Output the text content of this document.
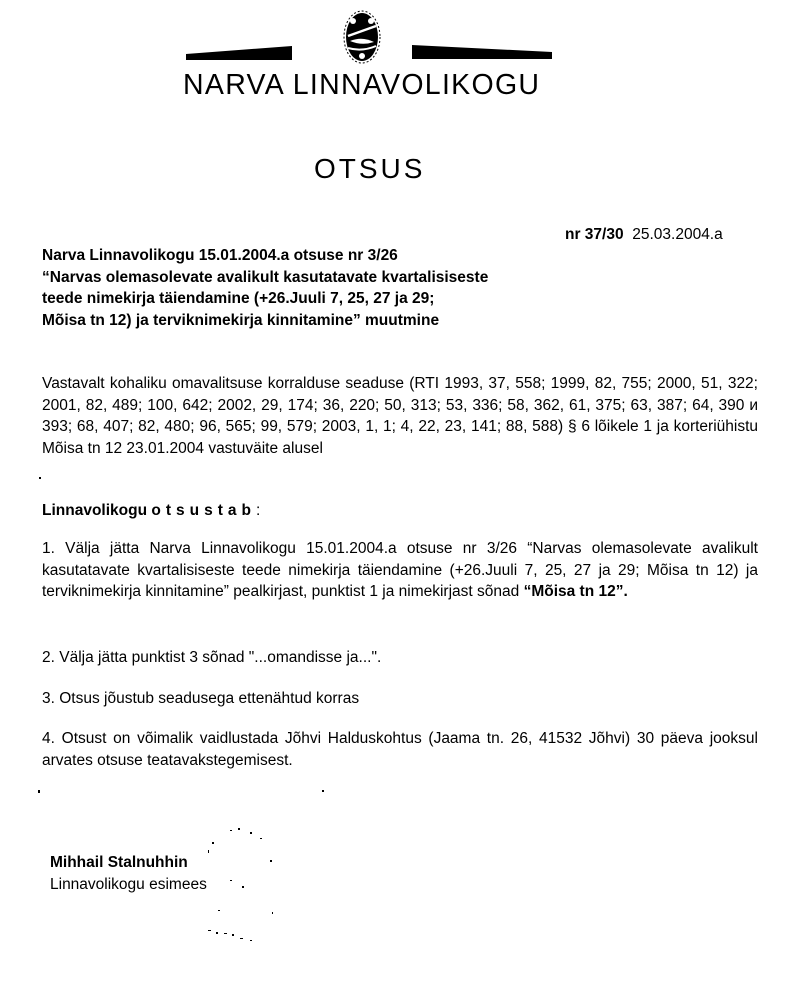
NARVA LINNAVOLIKOGU
OTSUS
nr 37/30 25.03.2004.a
Narva Linnavolikogu 15.01.2004.a otsuse nr 3/26
“Narvas olemasolevate avalikult kasutatavate kvartalisiseste
teede nimekirja täiendamine (+26.Juuli 7, 25, 27 ja 29;
Mõisa tn 12) ja terviknimekirja kinnitamine” muutmine
Vastavalt kohaliku omavalitsuse korralduse seaduse (RTI 1993, 37, 558; 1999, 82, 755; 2000, 51, 322; 2001, 82, 489; 100, 642; 2002, 29, 174; 36, 220; 50, 313; 53, 336; 58, 362, 61, 375; 63, 387; 64, 390 и 393; 68, 407; 82, 480; 96, 565; 99, 579; 2003, 1, 1; 4, 22, 23, 141; 88, 588) § 6 lõikele 1 ja korteriühistu Mõisa tn 12 23.01.2004 vastuväite alusel
Linnavolikogu otsustab:
1. Välja jätta Narva Linnavolikogu 15.01.2004.a otsuse nr 3/26 “Narvas olemasolevate avalikult kasutatavate kvartalisiseste teede nimekirja täiendamine (+26.Juuli 7, 25, 27 ja 29; Mõisa tn 12) ja terviknimekirja kinnitamine” pealkirjast, punktist 1 ja nimekirjast sõnad “Mõisa tn 12”.
2. Välja jätta punktist 3 sõnad "...omandisse ja...".
3. Otsus jõustub seadusega ettenähtud korras
4. Otsust on võimalik vaidlustada Jõhvi Halduskohtus (Jaama tn. 26, 41532 Jõhvi) 30 päeva jooksul arvates otsuse teatavakstegemisest.
Mihhail Stalnuhhin
Linnavolikogu esimees
